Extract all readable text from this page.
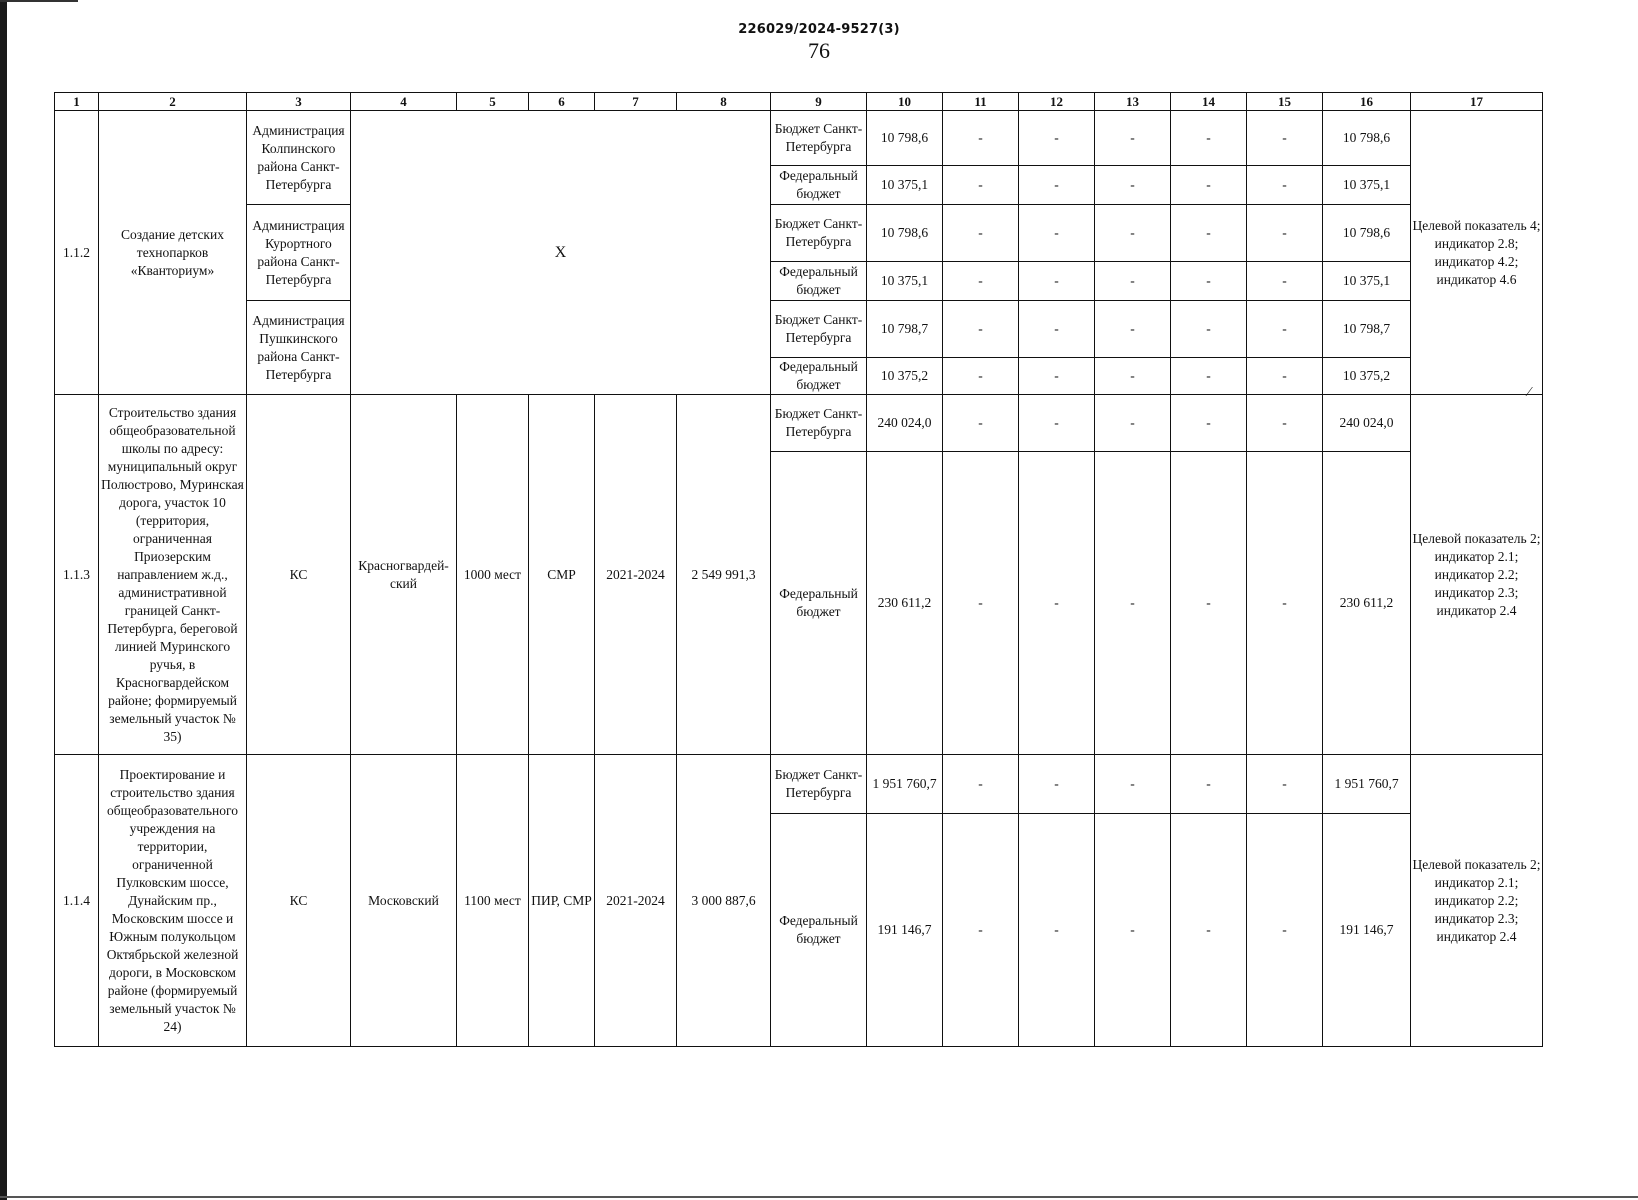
226029/2024-9527(3)
76
1	2	3	4	5	6	7	8	9	10	11	12	13	14	15	16	17
1.1.2	Создание детских технопарков «Кванториум»	Администрация Колпинского района Санкт-Петербурга	X					Бюджет Санкт-Петербурга	10 798,6	-	-	-	-	-	10 798,6	Целевой показатель 4; индикатор 2.8; индикатор 4.2; индикатор 4.6
								Федеральный бюджет	10 375,1	-	-	-	-	-	10 375,1	
		Администрация Курортного района Санкт-Петербурга						Бюджет Санкт-Петербурга	10 798,6	-	-	-	-	-	10 798,6	
								Федеральный бюджет	10 375,1	-	-	-	-	-	10 375,1	
		Администрация Пушкинского района Санкт-Петербурга						Бюджет Санкт-Петербурга	10 798,7	-	-	-	-	-	10 798,7	
								Федеральный бюджет	10 375,2	-	-	-	-	-	10 375,2	
1.1.3	Строительство здания общеобразовательной школы по адресу: муниципальный округ Полюстрово, Муринская дорога, участок 10 (территория, ограниченная Приозерским направлением ж.д., административной границей Санкт-Петербурга, береговой линией Муринского ручья, в Красногвардейском районе; формируемый земельный участок № 35)	КС	Красногвардей-ский	1000 мест	СМР	2021-2024	2 549 991,3	Бюджет Санкт-Петербурга	240 024,0	-	-	-	-	-	240 024,0	Целевой показатель 2; индикатор 2.1; индикатор 2.2; индикатор 2.3; индикатор 2.4
								Федеральный бюджет	230 611,2	-	-	-	-	-	230 611,2	
1.1.4	Проектирование и строительство здания общеобразовательного учреждения на территории, ограниченной Пулковским шоссе, Дунайским пр., Московским шоссе и Южным полукольцом Октябрьской железной дороги, в Московском районе (формируемый земельный участок № 24)	КС	Московский	1100 мест	ПИР, СМР	2021-2024	3 000 887,6	Бюджет Санкт-Петербурга	1 951 760,7	-	-	-	-	-	1 951 760,7	Целевой показатель 2; индикатор 2.1; индикатор 2.2; индикатор 2.3; индикатор 2.4
								Федеральный бюджет	191 146,7	-	-	-	-	-	191 146,7	
⁄
